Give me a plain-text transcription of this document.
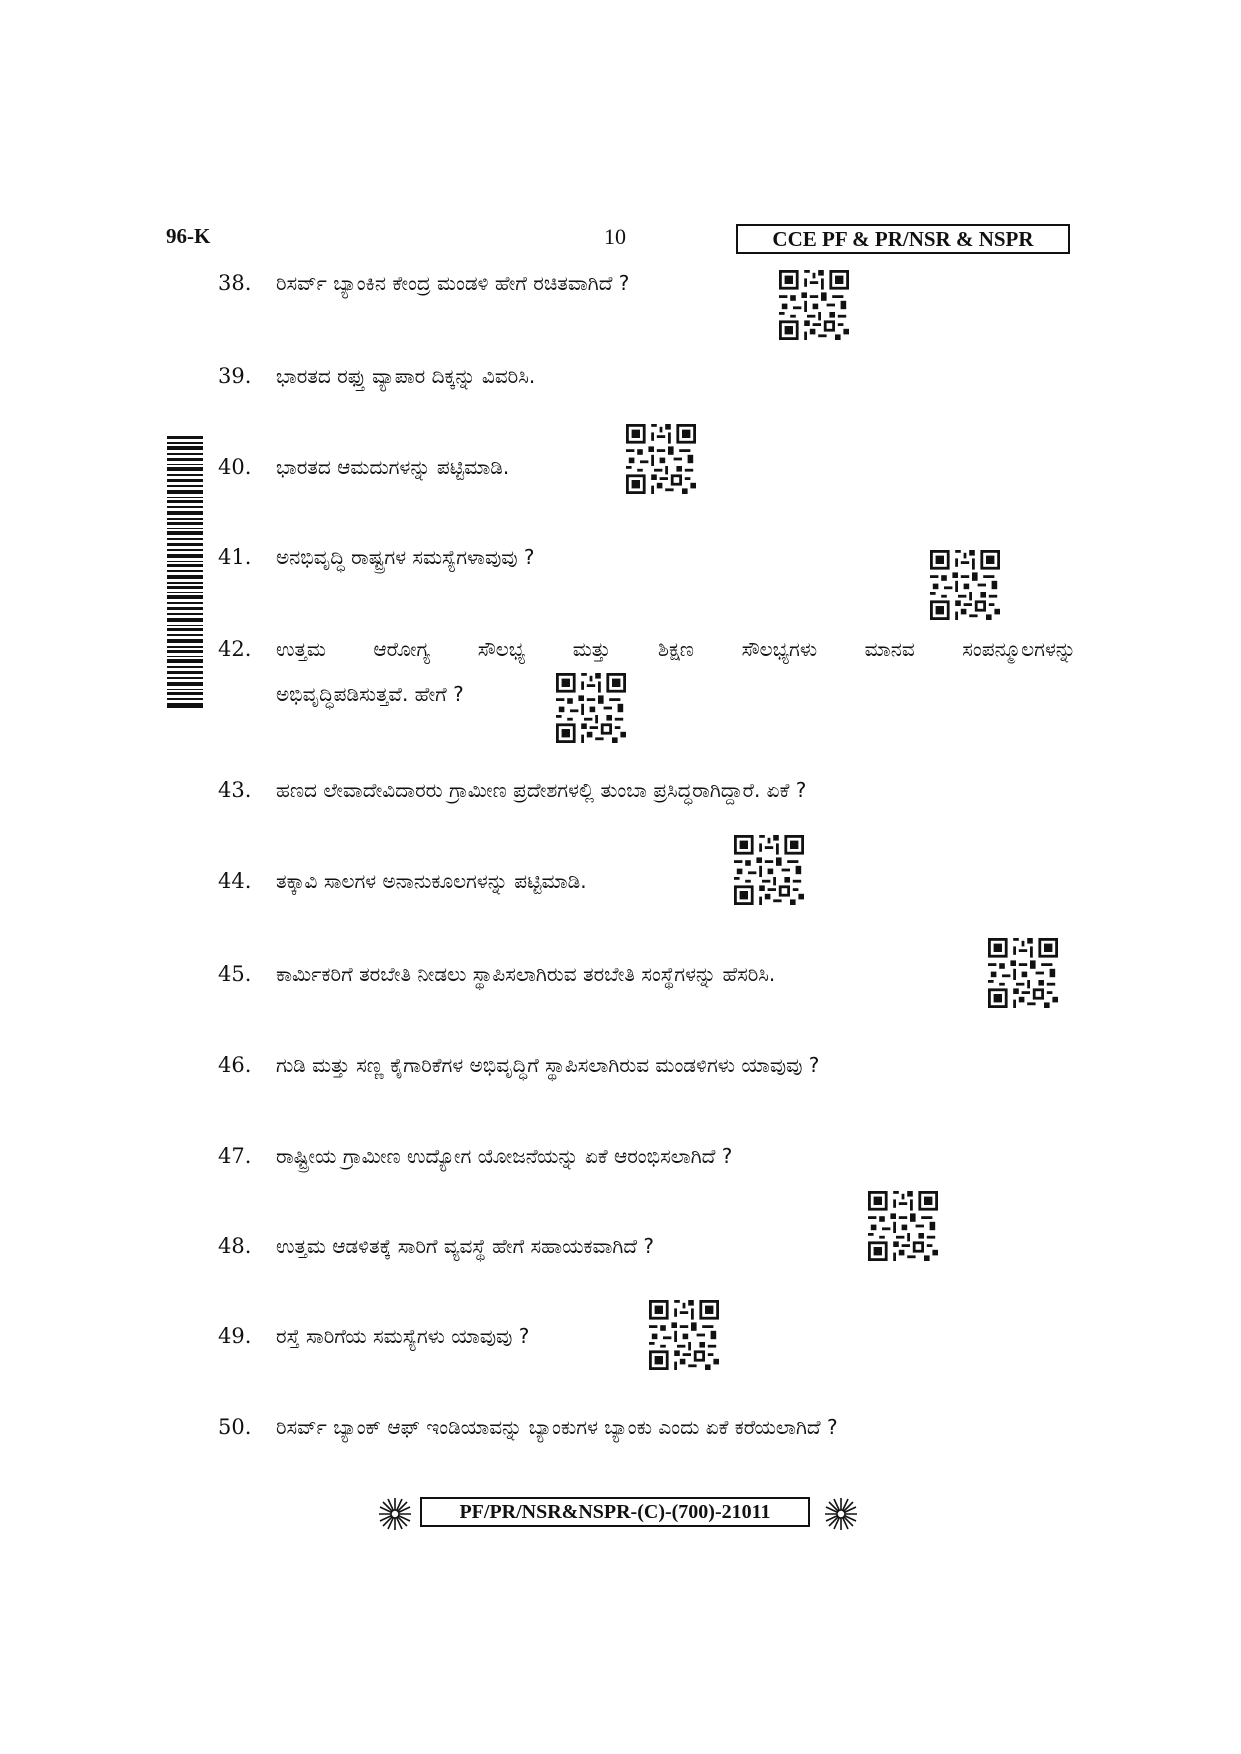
96-K	10	CCE PF & PR/NSR & NSPR
38. ರಿಸರ್ವ್ ಬ್ಯಾಂಕಿನ ಕೇಂದ್ರ ಮಂಡಳಿ ಹೇಗೆ ರಚಿತವಾಗಿದೆ ?
39. ಭಾರತದ ರಫ್ತು ವ್ಯಾಪಾರ ದಿಕ್ಕನ್ನು ವಿವರಿಸಿ.
40. ಭಾರತದ ಆಮದುಗಳನ್ನು ಪಟ್ಟಿಮಾಡಿ.
41. ಅನಭಿವೃದ್ಧಿ ರಾಷ್ಟ್ರಗಳ ಸಮಸ್ಯೆಗಳಾವುವು ?
42. ಉತ್ತಮ ಆರೋಗ್ಯ ಸೌಲಭ್ಯ ಮತ್ತು ಶಿಕ್ಷಣ ಸೌಲಭ್ಯಗಳು ಮಾನವ ಸಂಪನ್ಮೂಲಗಳನ್ನು
ಅಭಿವೃದ್ಧಿಪಡಿಸುತ್ತವೆ. ಹೇಗೆ ?
43. ಹಣದ ಲೇವಾದೇವಿದಾರರು ಗ್ರಾಮೀಣ ಪ್ರದೇಶಗಳಲ್ಲಿ ತುಂಬಾ ಪ್ರಸಿದ್ಧರಾಗಿದ್ದಾರೆ. ಏಕೆ ?
44. ತಕ್ಕಾವಿ ಸಾಲಗಳ ಅನಾನುಕೂಲಗಳನ್ನು ಪಟ್ಟಿಮಾಡಿ.
45. ಕಾರ್ಮಿಕರಿಗೆ ತರಬೇತಿ ನೀಡಲು ಸ್ಥಾಪಿಸಲಾಗಿರುವ ತರಬೇತಿ ಸಂಸ್ಥೆಗಳನ್ನು ಹೆಸರಿಸಿ.
46. ಗುಡಿ ಮತ್ತು ಸಣ್ಣ ಕೈಗಾರಿಕೆಗಳ ಅಭಿವೃದ್ಧಿಗೆ ಸ್ಥಾಪಿಸಲಾಗಿರುವ ಮಂಡಳಿಗಳು ಯಾವುವು ?
47. ರಾಷ್ಟ್ರೀಯ ಗ್ರಾಮೀಣ ಉದ್ಯೋಗ ಯೋಜನೆಯನ್ನು ಏಕೆ ಆರಂಭಿಸಲಾಗಿದೆ ?
48. ಉತ್ತಮ ಆಡಳಿತಕ್ಕೆ ಸಾರಿಗೆ ವ್ಯವಸ್ಥೆ ಹೇಗೆ ಸಹಾಯಕವಾಗಿದೆ ?
49. ರಸ್ತೆ ಸಾರಿಗೆಯ ಸಮಸ್ಯೆಗಳು ಯಾವುವು ?
50. ರಿಸರ್ವ್ ಬ್ಯಾಂಕ್ ಆಫ್ ಇಂಡಿಯಾವನ್ನು ಬ್ಯಾಂಕುಗಳ ಬ್ಯಾಂಕು ಎಂದು ಏಕೆ ಕರೆಯಲಾಗಿದೆ ?
PF/PR/NSR&NSPR-(C)-(700)-21011
